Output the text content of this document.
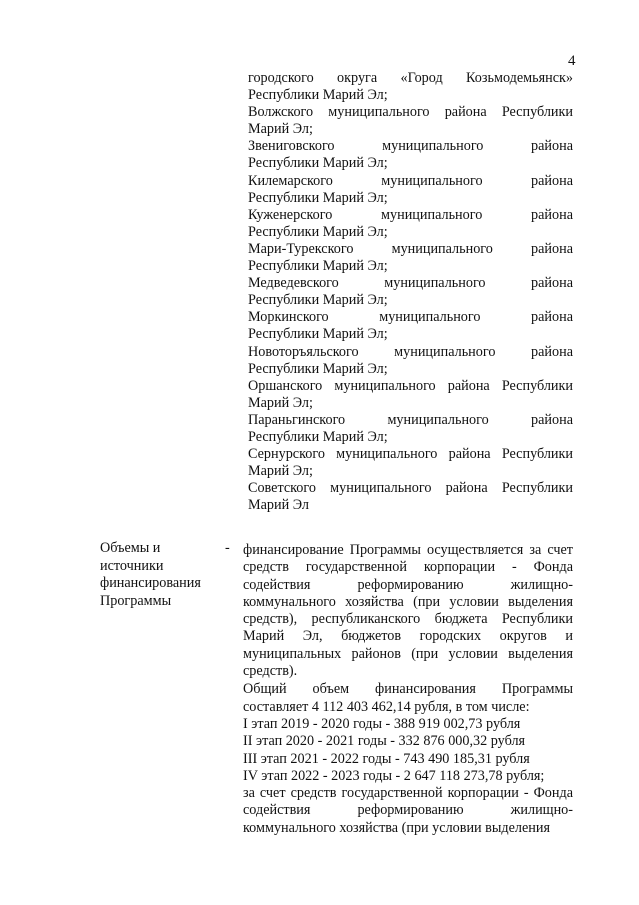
4

городского округа «Город Козьмодемьянск»
Республики Марий Эл;

Волжского муниципального района Республики
Марий Эл;

Звениговского муниципального района
Республики Марий Эл;

Килемарского муниципального района
Республики Марий Эл;

Куженерского муниципального района
Республики Марий Эл;

Мари-Турекского муниципального района
Республики Марий Эл;

Медведевского муниципального района
Республики Марий Эл;

Моркинского муниципального района
Республики Марий Эл;

Новоторъяльского муниципального района
Республики Марий Эл;

Оршанского муниципального района Республики
Марий Эл;

Параньгинского муниципального района
Республики Марий Эл;

Сернурского муниципального района Республики
Марий Эл;

Советского муниципального района Республики
Марий Эл

Объемы и источники финансирования Программы
- финансирование Программы осуществляется за счет средств государственной корпорации - Фонда содействия реформированию жилищно-коммунального хозяйства (при условии выделения средств), республиканского бюджета Республики Марий Эл, бюджетов городских округов и муниципальных районов (при условии выделения средств).

Общий объем финансирования Программы составляет 4 112 403 462,14 рубля, в том числе:

I этап 2019 - 2020 годы - 388 919 002,73 рубля
II этап 2020 - 2021 годы - 332 876 000,32 рубля
III этап 2021 - 2022 годы - 743 490 185,31 рубля
IV этап 2022 - 2023 годы - 2 647 118 273,78 рубля;

за счет средств государственной корпорации - Фонда содействия реформированию жилищно-коммунального хозяйства (при условии выделения
